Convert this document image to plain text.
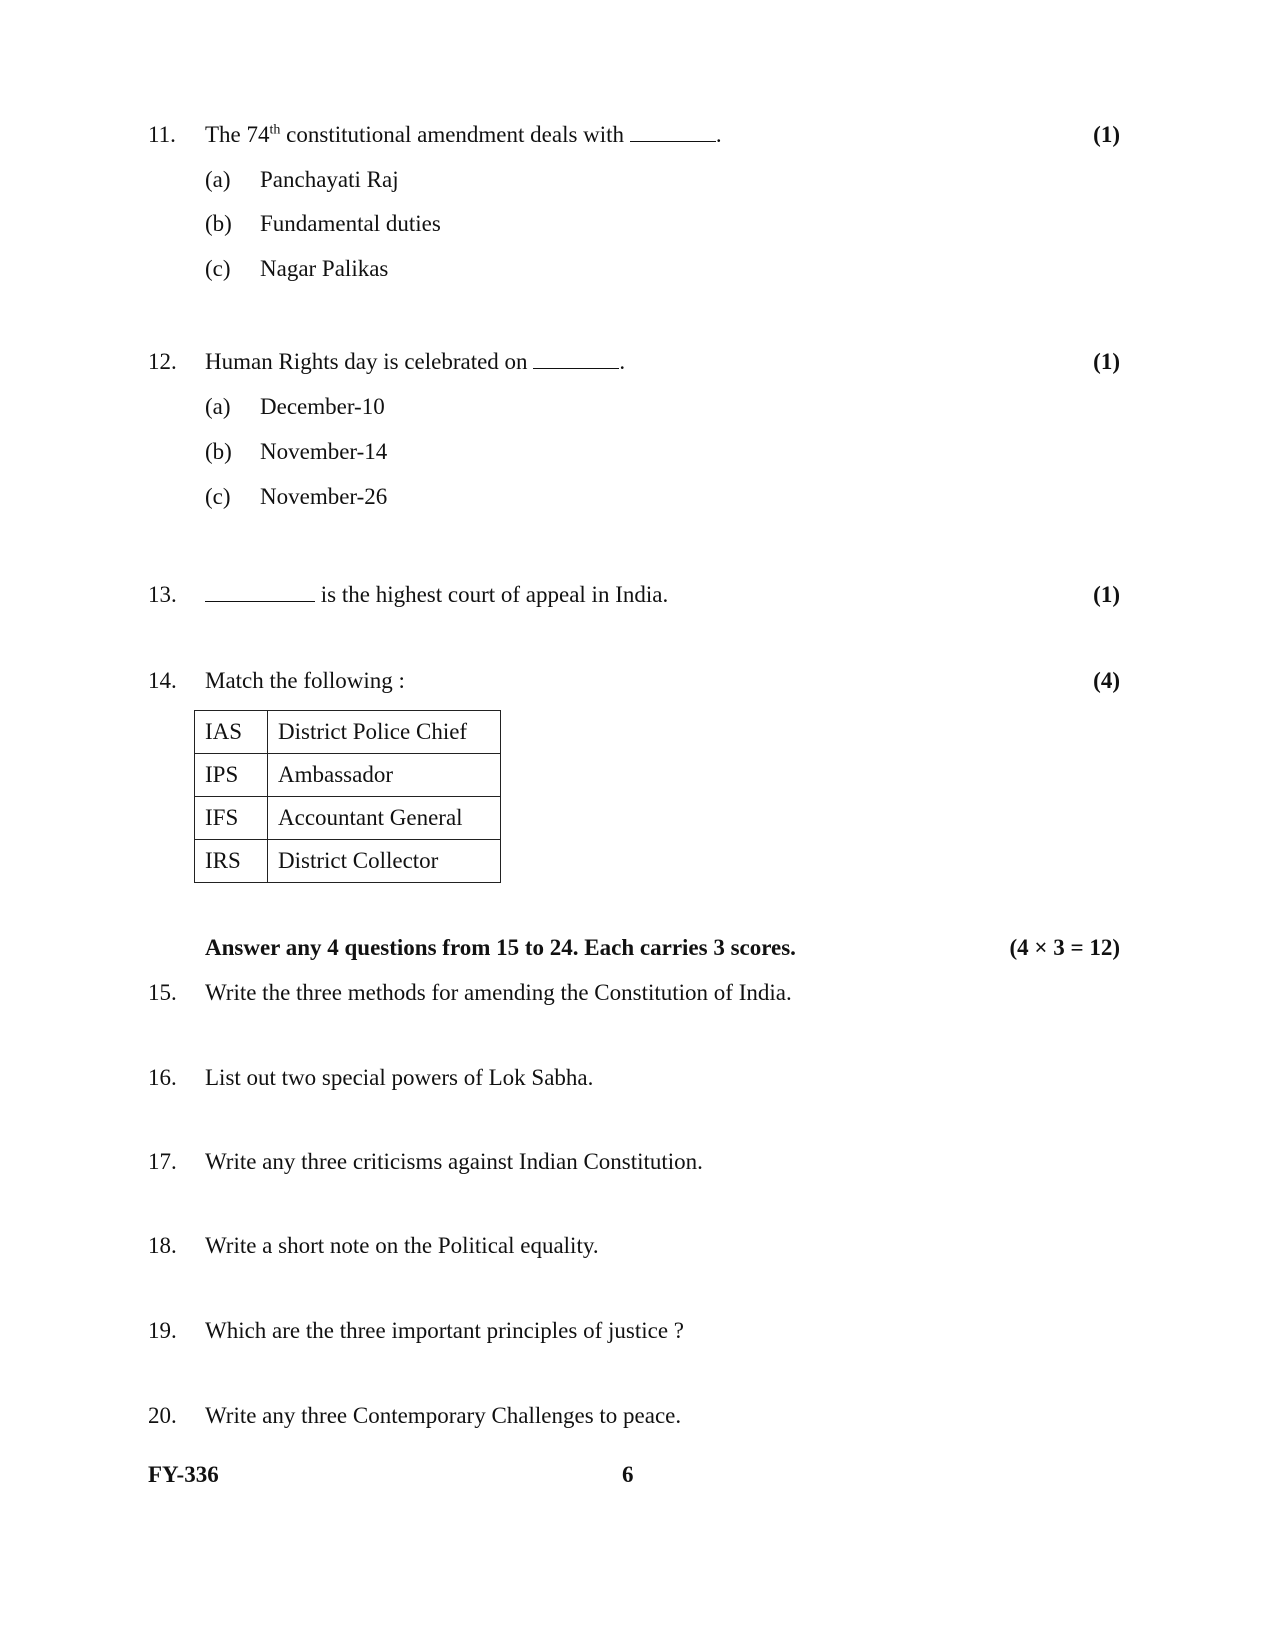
11. The 74th constitutional amendment deals with	.	(1)
(a) Panchayati Raj
(b) Fundamental duties
(c) Nagar Palikas
12. Human Rights day is celebrated on	.	(1)
(a) December-10
(b) November-14
(c) November-26
13.	is the highest court of appeal in India.	(1)
14. Match the following :	(4)
IAS	District Police Chief
IPS	Ambassador
IFS	Accountant General
IRS	District Collector
Answer any 4 questions from 15 to 24. Each carries 3 scores.	(4 × 3 = 12)
15. Write the three methods for amending the Constitution of India.
16. List out two special powers of Lok Sabha.
17. Write any three criticisms against Indian Constitution.
18. Write a short note on the Political equality.
19. Which are the three important principles of justice ?
20. Write any three Contemporary Challenges to peace.
FY-336	6
